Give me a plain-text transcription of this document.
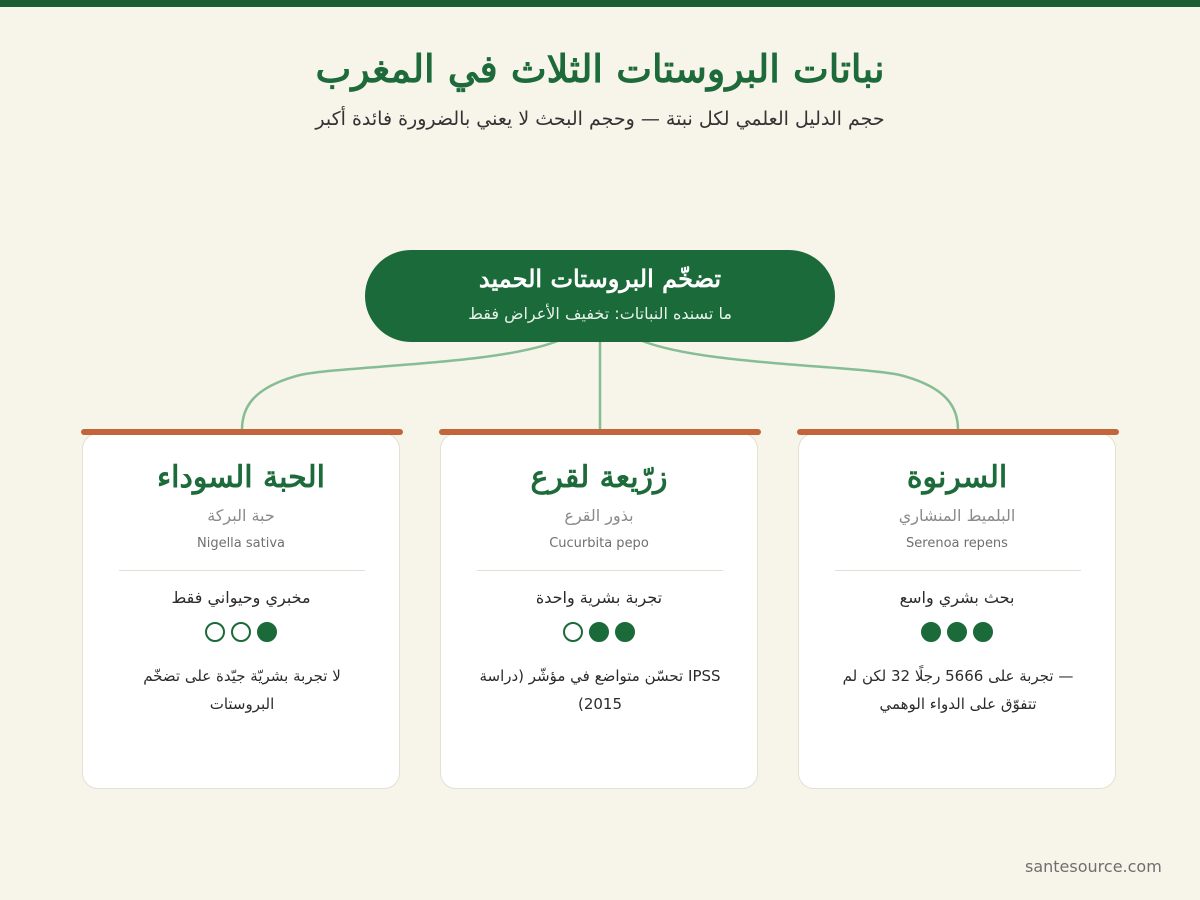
نباتات البروستات الثلاث في المغرب

حجم الدليل العلمي لكل نبتة — وحجم البحث لا يعني بالضرورة فائدة أكبر

تضخّم البروستات الحميد
ما تسنده النباتات: تخفيف الأعراض فقط
السرنوة
البلميط المنشاري
Serenoa repens
بحث بشري واسع
— تجربة على 5666 رجلًا 32 لكن لم تتفوّق على الدواء الوهمي
زرّيعة لقرع
بذور القرع
Cucurbita pepo
تجربة بشرية واحدة
IPSS تحسّن متواضع في مؤشّر (دراسة 2015)
الحبة السوداء
حبة البركة
Nigella sativa
مخبري وحيواني فقط
لا تجربة بشريّة جيّدة على تضخّم البروستات
santesource.com
